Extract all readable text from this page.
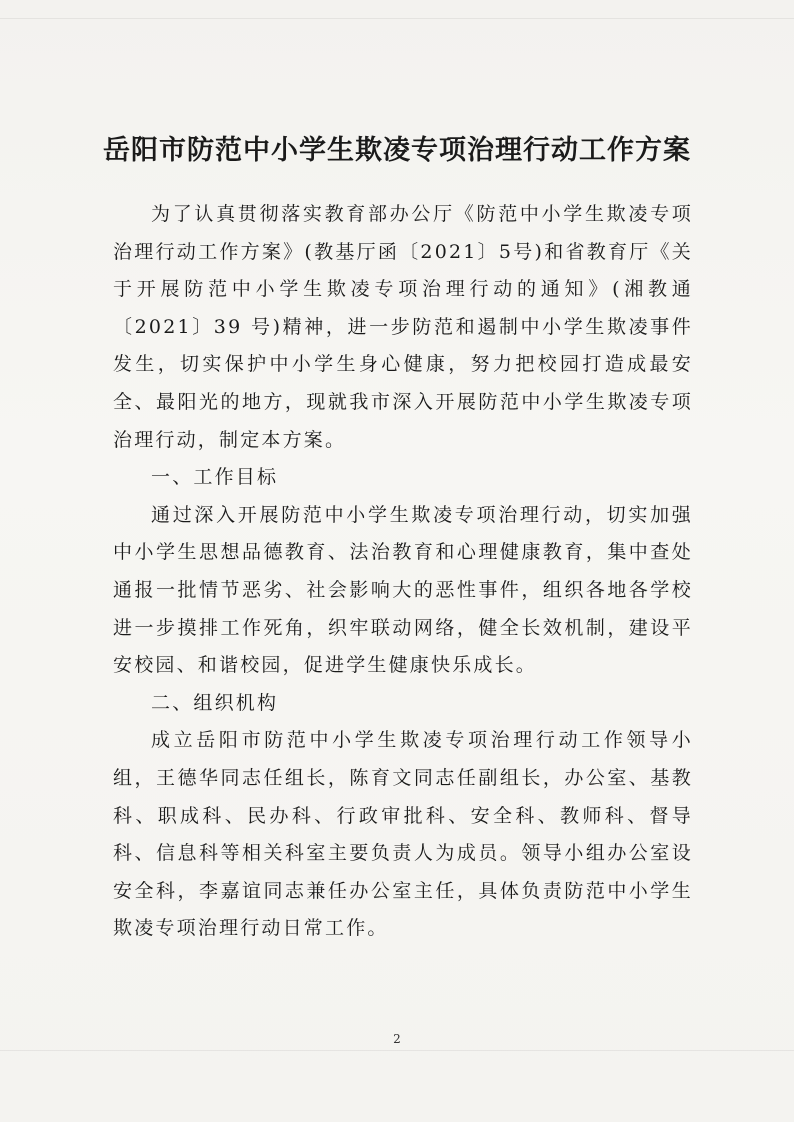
岳阳市防范中小学生欺凌专项治理行动工作方案

为了认真贯彻落实教育部办公厅《防范中小学生欺凌专项治理行动工作方案》(教基厅函〔2021〕5号)和省教育厅《关于开展防范中小学生欺凌专项治理行动的通知》(湘教通〔2021〕39 号)精神，进一步防范和遏制中小学生欺凌事件发生，切实保护中小学生身心健康，努力把校园打造成最安全、最阳光的地方，现就我市深入开展防范中小学生欺凌专项治理行动，制定本方案。

一、工作目标

通过深入开展防范中小学生欺凌专项治理行动，切实加强中小学生思想品德教育、法治教育和心理健康教育，集中查处通报一批情节恶劣、社会影响大的恶性事件，组织各地各学校进一步摸排工作死角，织牢联动网络，健全长效机制，建设平安校园、和谐校园，促进学生健康快乐成长。

二、组织机构

成立岳阳市防范中小学生欺凌专项治理行动工作领导小组，王德华同志任组长，陈育文同志任副组长，办公室、基教科、职成科、民办科、行政审批科、安全科、教师科、督导科、信息科等相关科室主要负责人为成员。领导小组办公室设安全科，李嘉谊同志兼任办公室主任，具体负责防范中小学生欺凌专项治理行动日常工作。

2
